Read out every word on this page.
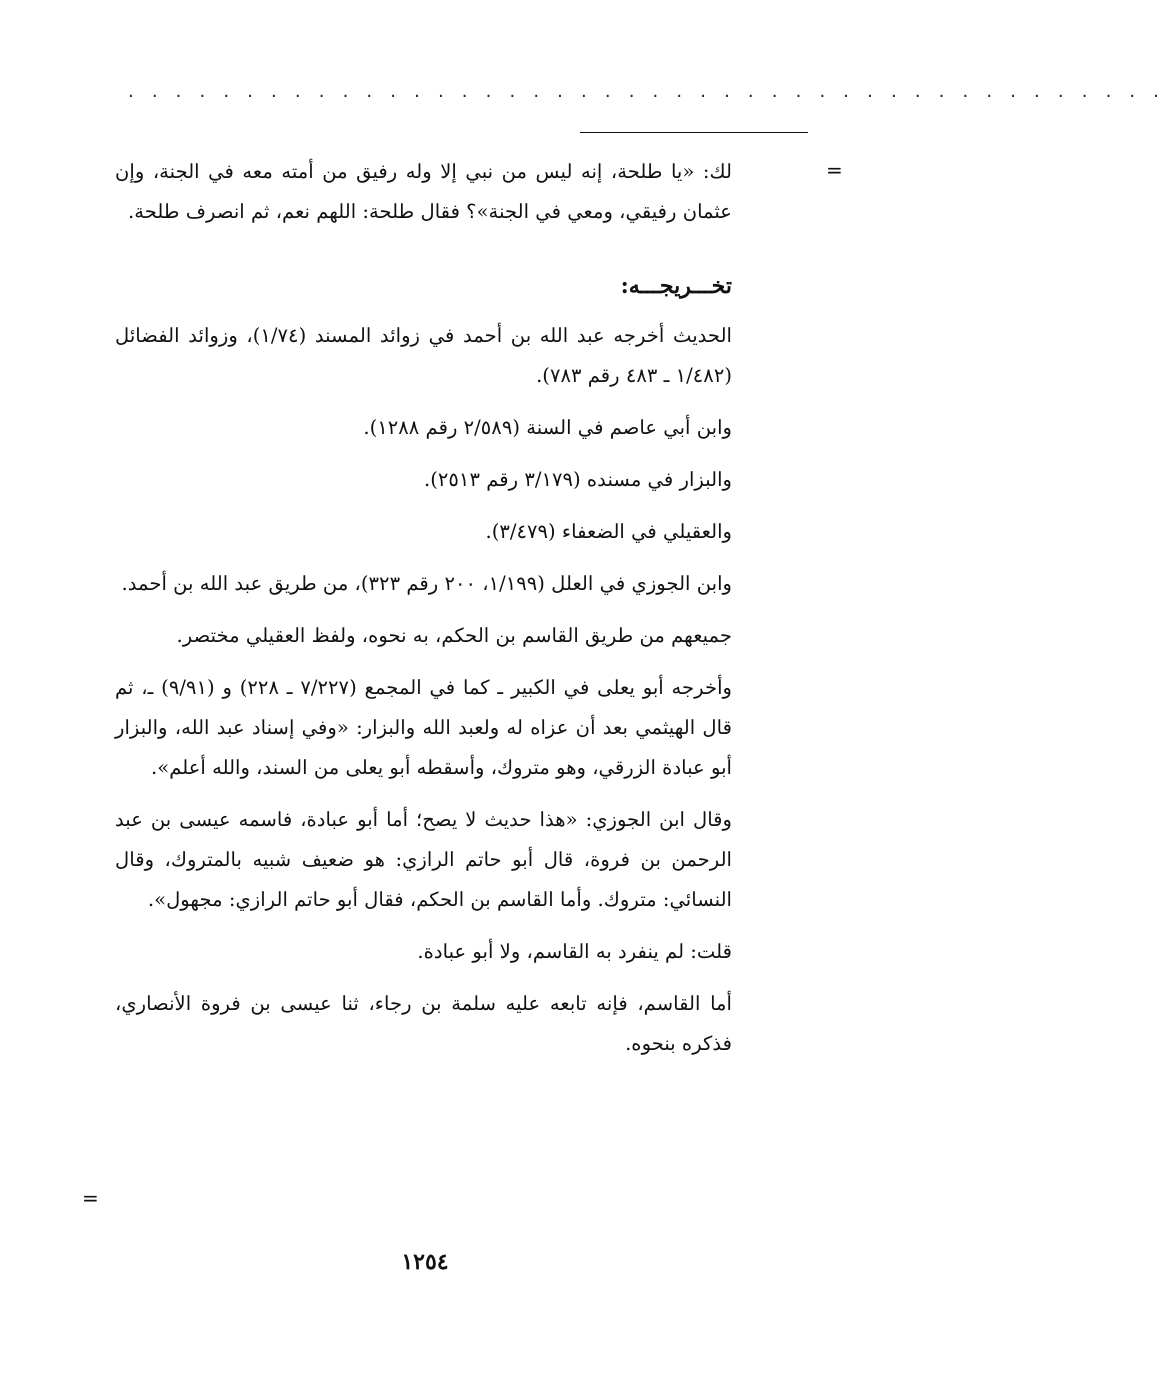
· · · · · · · · · · · · · · · · · · · · · · · · · · · · · · · · · · · · · · · · · · · ·
=
=

لك: «يا طلحة، إنه ليس من نبي إلا وله رفيق من أمته معه في الجنة، وإن عثمان رفيقي، ومعي في الجنة»؟ فقال طلحة: اللهم نعم، ثم انصرف طلحة.

تخـــريجـــه:

الحديث أخرجه عبد الله بن أحمد في زوائد المسند (١/٧٤)، وزوائد الفضائل (١/٤٨٢ ـ ٤٨٣ رقم ٧٨٣).

وابن أبي عاصم في السنة (٢/٥٨٩ رقم ١٢٨٨).

والبزار في مسنده (٣/١٧٩ رقم ٢٥١٣).

والعقيلي في الضعفاء (٣/٤٧٩).

وابن الجوزي في العلل (١/١٩٩، ٢٠٠ رقم ٣٢٣)، من طريق عبد الله بن أحمد.

جميعهم من طريق القاسم بن الحكم، به نحوه، ولفظ العقيلي مختصر.

وأخرجه أبو يعلى في الكبير ـ كما في المجمع (٧/٢٢٧ ـ ٢٢٨) و (٩/٩١) ـ، ثم قال الهيثمي بعد أن عزاه له ولعبد الله والبزار: «وفي إسناد عبد الله، والبزار أبو عبادة الزرقي، وهو متروك، وأسقطه أبو يعلى من السند، والله أعلم».

وقال ابن الجوزي: «هذا حديث لا يصح؛ أما أبو عبادة، فاسمه عيسى بن عبد الرحمن بن فروة، قال أبو حاتم الرازي: هو ضعيف شبيه بالمتروك، وقال النسائي: متروك. وأما القاسم بن الحكم، فقال أبو حاتم الرازي: مجهول».

قلت: لم ينفرد به القاسم، ولا أبو عبادة.

أما القاسم، فإنه تابعه عليه سلمة بن رجاء، ثنا عيسى بن فروة الأنصاري، فذكره بنحوه.

١٢٥٤
